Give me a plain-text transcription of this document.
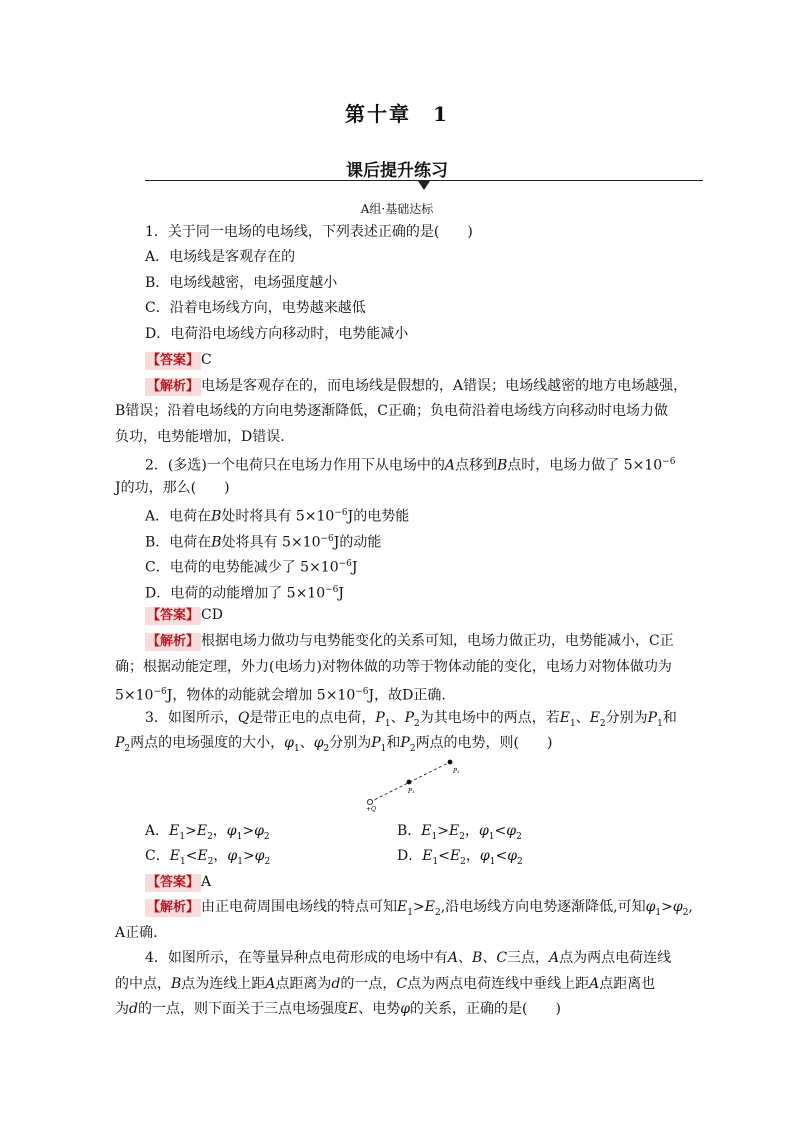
第十章　1
课后提升练习
A组·基础达标
1．关于同一电场的电场线，下列表述正确的是(　　)
A．电场线是客观存在的
B．电场线越密，电场强度越小
C．沿着电场线方向，电势越来越低
D．电荷沿电场线方向移动时，电势能减小
【答案】 C
【解析】 电场是客观存在的，而电场线是假想的，A错误；电场线越密的地方电场越强，
B错误；沿着电场线的方向电势逐渐降低，C正确；负电荷沿着电场线方向移动时电场力做
负功，电势能增加，D错误.
2．(多选)一个电荷只在电场力作用下从电场中的A点移到B点时，电场力做了 $5\times 10^{-6}$
J的功，那么(　　)
A．电荷在B处时将具有 $5\times 10^{-6}J$的电势能
B．电荷在B处将具有 $5\times 10^{-6}J$的动能
C．电荷的电势能减少了 $5\times 10^{-6}J$
D．电荷的动能增加了 $5\times 10^{-6}J$
【答案】 CD
【解析】 根据电场力做功与电势能变化的关系可知，电场力做正功，电势能减小，C正
确；根据动能定理，外力(电场力)对物体做的功等于物体动能的变化，电场力对物体做功为
$5\times 10^{-6}J$，物体的动能就会增加 $5\times 10^{-6}J$，故D正确.
3．如图所示，Q是带正电的点电荷，$P_1$、$P_2$为其电场中的两点，若$E_1$、$E_2$分别为$P_1$和
$P_2$两点的电场强度的大小，$\varphi_1$、$\varphi_2$分别为$P_1$和$P_2$两点的电势，则(　　)
P₂
P₁
+Q
A．$E_1>E_2$，$\varphi_1>\varphi_2$	B．$E_1>E_2$，$\varphi_1<\varphi_2$
C．$E_1<E_2$，$\varphi_1>\varphi_2$	D．$E_1<E_2$，$\varphi_1<\varphi_2$
【答案】 A
【解析】 由正电荷周围电场线的特点可知$E_1>E_2$,沿电场线方向电势逐渐降低,可知$\varphi_1>\varphi_2$,
A正确.
4．如图所示，在等量异种点电荷形成的电场中有A、B、C三点，A点为两点电荷连线
的中点，B点为连线上距A点距离为d的一点，C点为两点电荷连线中垂线上距A点距离也
为d的一点，则下面关于三点电场强度E、电势φ的关系，正确的是(　　)
